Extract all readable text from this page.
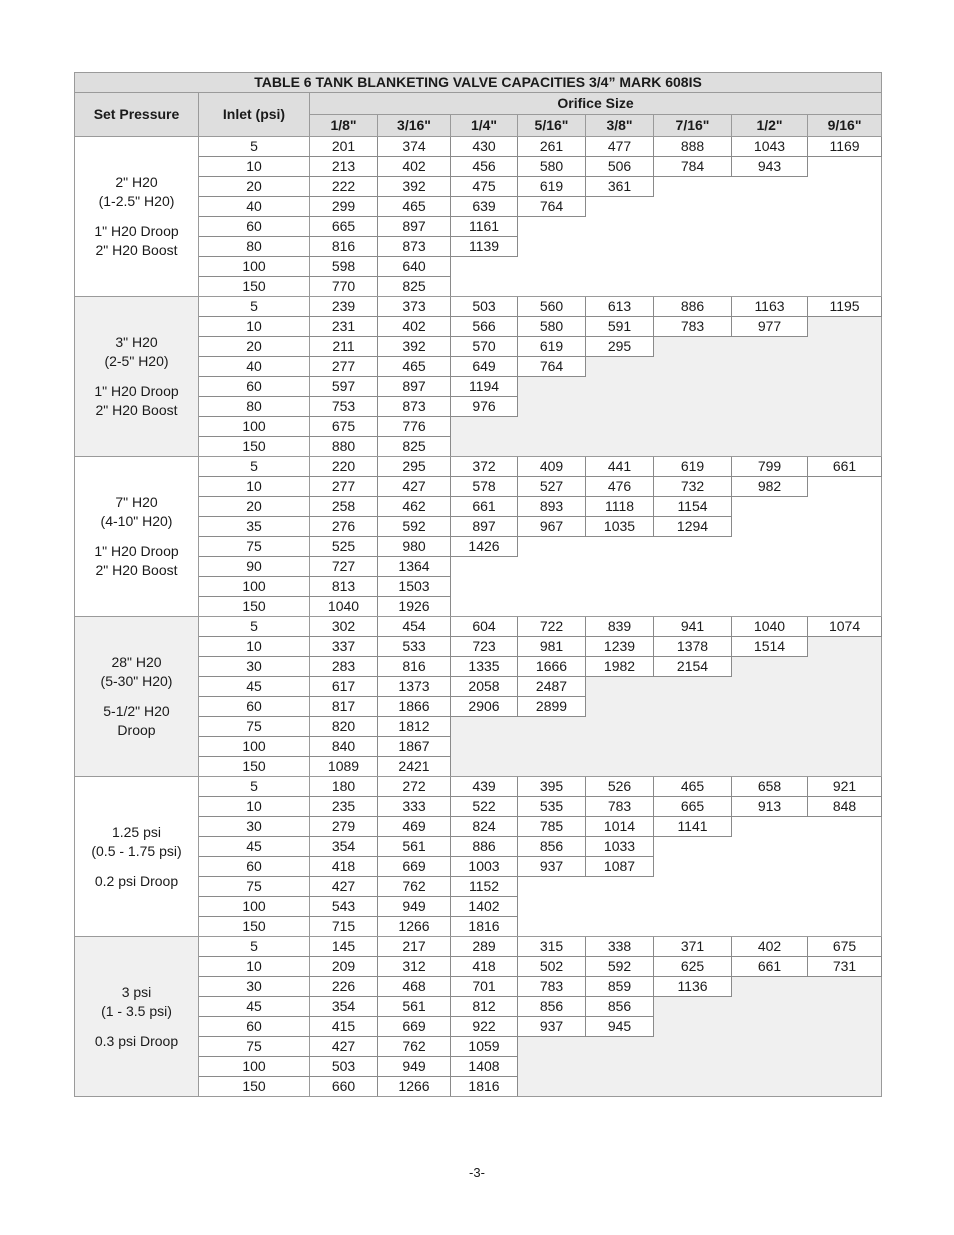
TABLE 6 TANK BLANKETING VALVE CAPACITIES 3/4” MARK 608IS									
Set Pressure	Inlet (psi)	Orifice Size							
		1/8"	3/16"	1/4"	5/16"	3/8"	7/16"	1/2"	9/16"

2" H20
(1-2.5" H20)
1" H20 Droop
2" H20 Boost	5	201	374	430	261	477	888	1043	1169
	10	213	402	456	580	506	784	943	
	20	222	392	475	619	361			
	40	299	465	639	764				
	60	665	897	1161					
	80	816	873	1139					
	100	598	640						
	150	770	825						

3" H20
(2-5" H20)
1" H20 Droop
2" H20 Boost	5	239	373	503	560	613	886	1163	1195
	10	231	402	566	580	591	783	977	
	20	211	392	570	619	295			
	40	277	465	649	764				
	60	597	897	1194					
	80	753	873	976					
	100	675	776						
	150	880	825						

7" H20
(4-10" H20)
1" H20 Droop
2" H20 Boost	5	220	295	372	409	441	619	799	661
	10	277	427	578	527	476	732	982	
	20	258	462	661	893	1118	1154		
	35	276	592	897	967	1035	1294		
	75	525	980	1426					
	90	727	1364						
	100	813	1503						
	150	1040	1926						

28" H20
(5-30" H20)
5-1/2" H20
Droop	5	302	454	604	722	839	941	1040	1074
	10	337	533	723	981	1239	1378	1514	
	30	283	816	1335	1666	1982	2154		
	45	617	1373	2058	2487				
	60	817	1866	2906	2899				
	75	820	1812						
	100	840	1867						
	150	1089	2421						

1.25 psi
(0.5 - 1.75 psi)
0.2 psi Droop	5	180	272	439	395	526	465	658	921
	10	235	333	522	535	783	665	913	848
	30	279	469	824	785	1014	1141		
	45	354	561	886	856	1033			
	60	418	669	1003	937	1087			
	75	427	762	1152					
	100	543	949	1402					
	150	715	1266	1816					

3 psi
(1 - 3.5 psi)
0.3 psi Droop	5	145	217	289	315	338	371	402	675
	10	209	312	418	502	592	625	661	731
	30	226	468	701	783	859	1136		
	45	354	561	812	856	856			
	60	415	669	922	937	945			
	75	427	762	1059					
	100	503	949	1408					
	150	660	1266	1816					
-3-
